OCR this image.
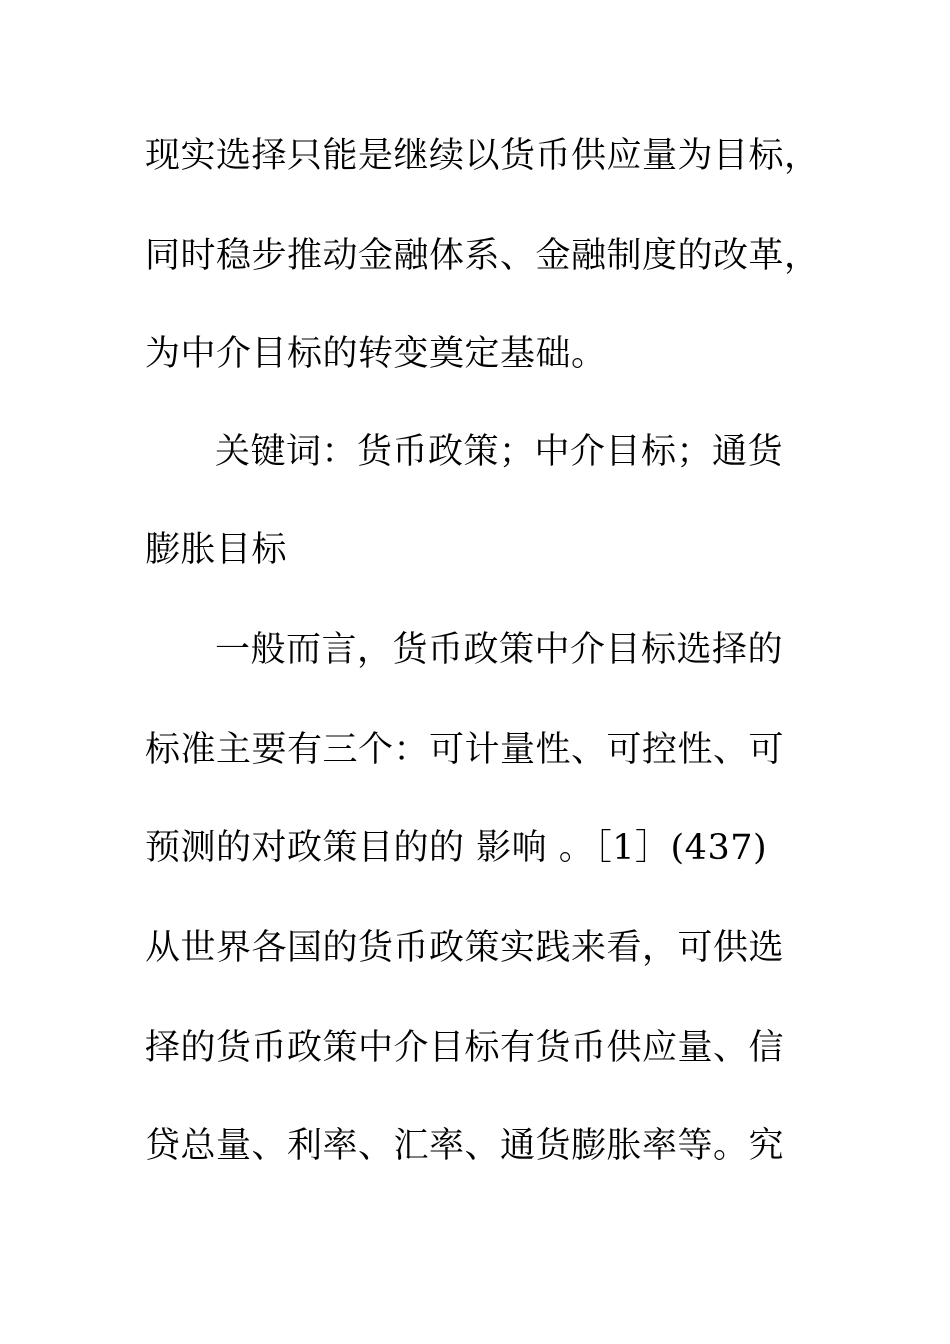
现实选择只能是继续以货币供应量为目标，
同时稳步推动金融体系、金融制度的改革，
为中介目标的转变奠定基础。
关键词：货币政策；中介目标；通货
膨胀目标
一般而言，货币政策中介目标选择的
标准主要有三个：可计量性、可控性、可
预测的对政策目的的 影响 。［1］(437)
从世界各国的货币政策实践来看，可供选
择的货币政策中介目标有货币供应量、信
贷总量、利率、汇率、通货膨胀率等。究
